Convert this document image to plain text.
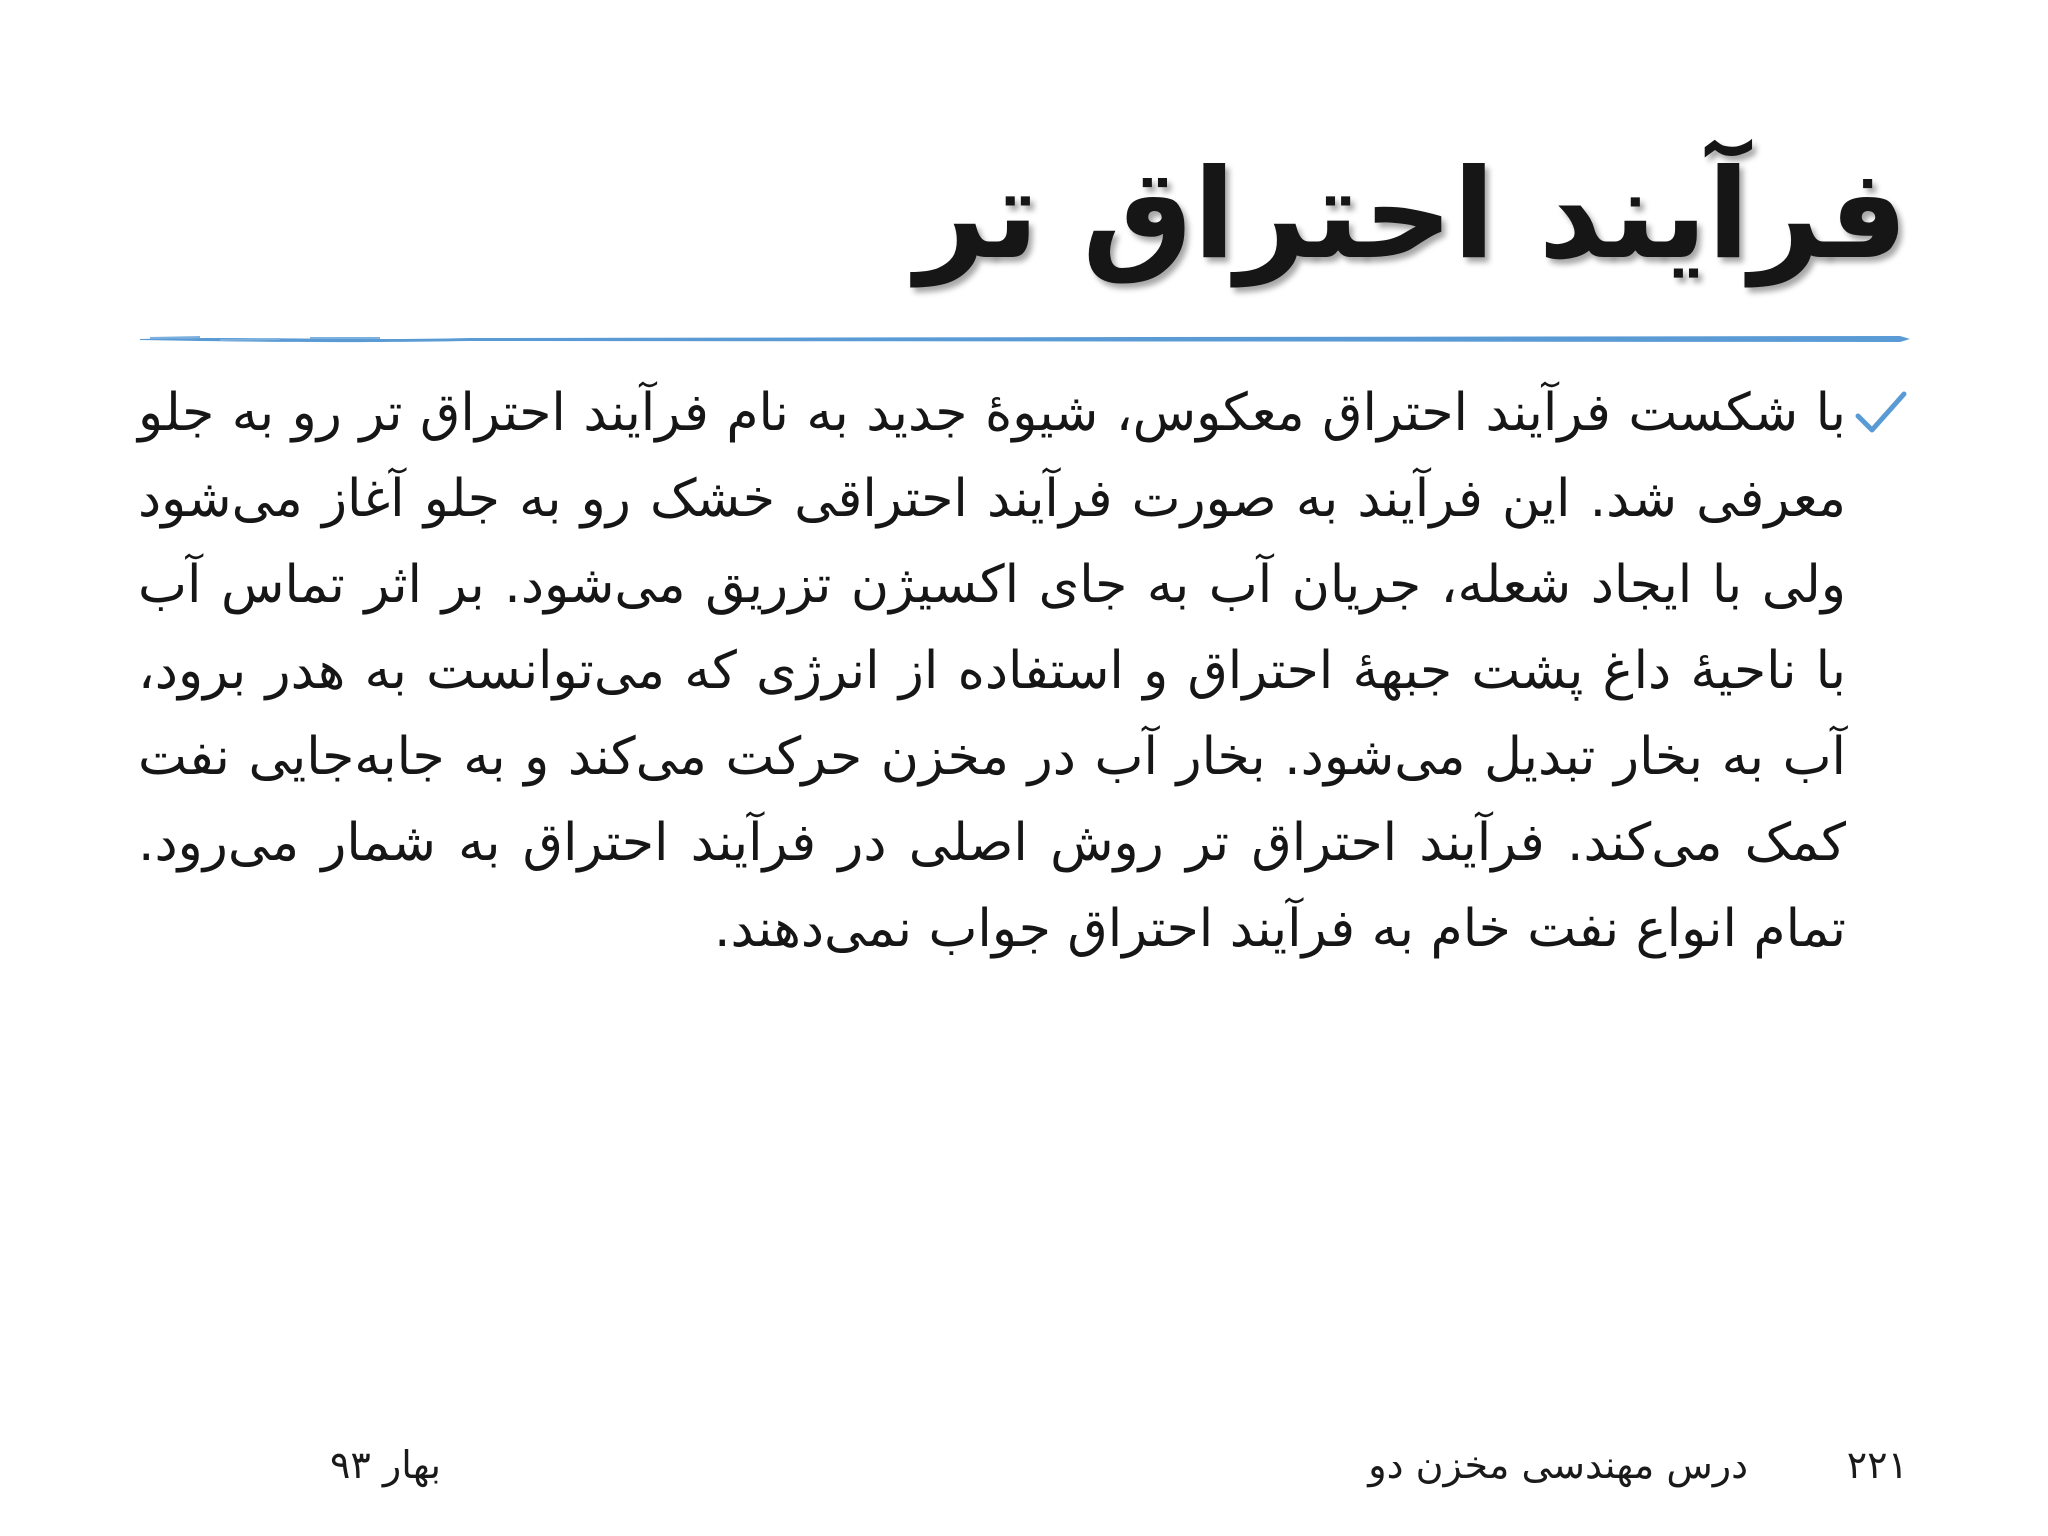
فرآیند احتراق تر

با شکست فرآیند احتراق معکوس، شیوهٔ جدید به نام فرآیند احتراق تر رو به جلو معرفی شد. این فرآیند به صورت فرآیند احتراقی خشک رو به جلو آغاز می‌شود ولی با ایجاد شعله، جریان آب به جای اکسیژن تزریق می‌شود. بر اثر تماس آب با ناحیهٔ داغ پشت جبههٔ احتراق و استفاده از انرژی که می‌توانست به هدر برود، آب به بخار تبدیل می‌شود. بخار آب در مخزن حرکت می‌کند و به جابه‌جایی نفت کمک می‌کند. فرآیند احتراق تر روش اصلی در فرآیند احتراق به شمار می‌رود. تمام انواع نفت خام به فرآیند احتراق جواب نمی‌دهند.

۲۲۱
درس مهندسی مخزن دو
بهار ۹۳
